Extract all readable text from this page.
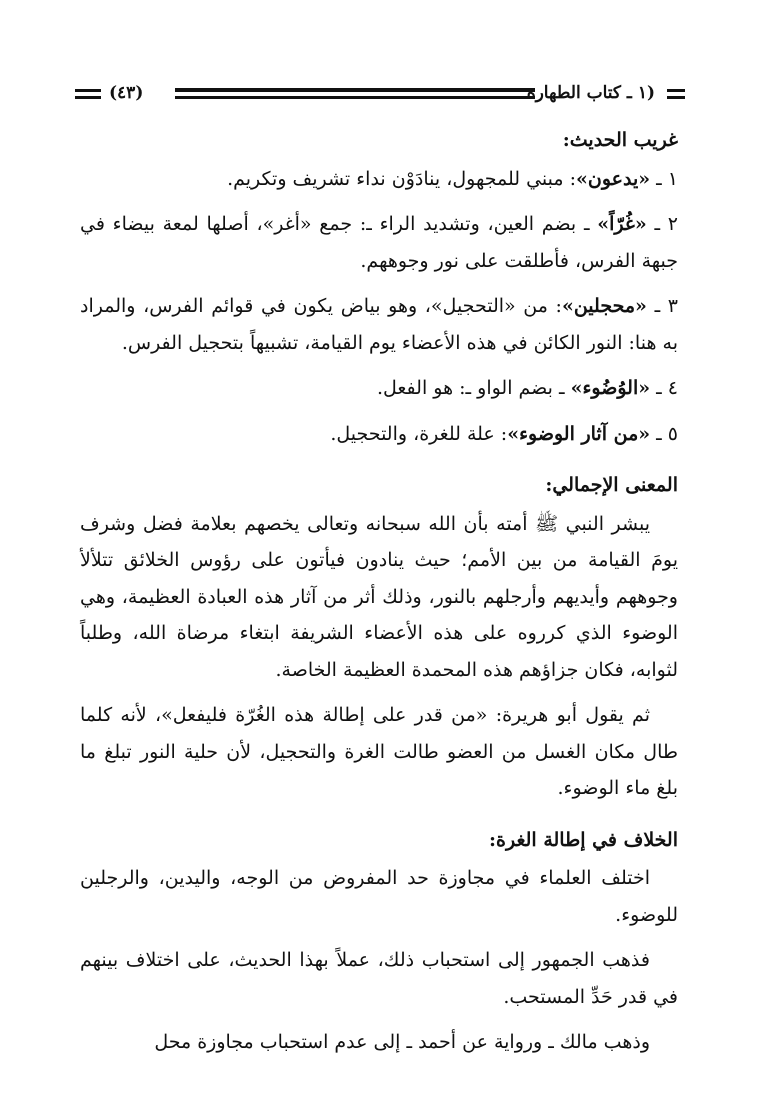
(١ ـ كتاب الطهارة
(٤٣)
غريب الحديث:
١ ـ «يدعون»: مبني للمجهول، ينادَوْن نداء تشريف وتكريم.
٢ ـ «غُرّاً» ـ بضم العين، وتشديد الراء ـ: جمع «أغر»، أصلها لمعة بيضاء في جبهة الفرس، فأطلقت على نور وجوههم.
٣ ـ «محجلين»: من «التحجيل»، وهو بياض يكون في قوائم الفرس، والمراد به هنا: النور الكائن في هذه الأعضاء يوم القيامة، تشبيهاً بتحجيل الفرس.
٤ ـ «الوُضُوء» ـ بضم الواو ـ: هو الفعل.
٥ ـ «من آثار الوضوء»: علة للغرة، والتحجيل.
المعنى الإجمالي:

يبشر النبي ﷺ أمته بأن الله سبحانه وتعالى يخصهم بعلامة فضل وشرف يومَ القيامة من بين الأمم؛ حيث ينادون فيأتون على رؤوس الخلائق تتلألأ وجوههم وأيديهم وأرجلهم بالنور، وذلك أثر من آثار هذه العبادة العظيمة، وهي الوضوء الذي كرروه على هذه الأعضاء الشريفة ابتغاء مرضاة الله، وطلباً لثوابه، فكان جزاؤهم هذه المحمدة العظيمة الخاصة.

ثم يقول أبو هريرة: «من قدر على إطالة هذه الغُرّة فليفعل»، لأنه كلما طال مكان الغسل من العضو طالت الغرة والتحجيل، لأن حلية النور تبلغ ما بلغ ماء الوضوء.

الخلاف في إطالة الغرة:

اختلف العلماء في مجاوزة حد المفروض من الوجه، واليدين، والرجلين للوضوء.

فذهب الجمهور إلى استحباب ذلك، عملاً بهذا الحديث، على اختلاف بينهم في قدر حَدِّ المستحب.

وذهب مالك ـ ورواية عن أحمد ـ إلى عدم استحباب مجاوزة محل
